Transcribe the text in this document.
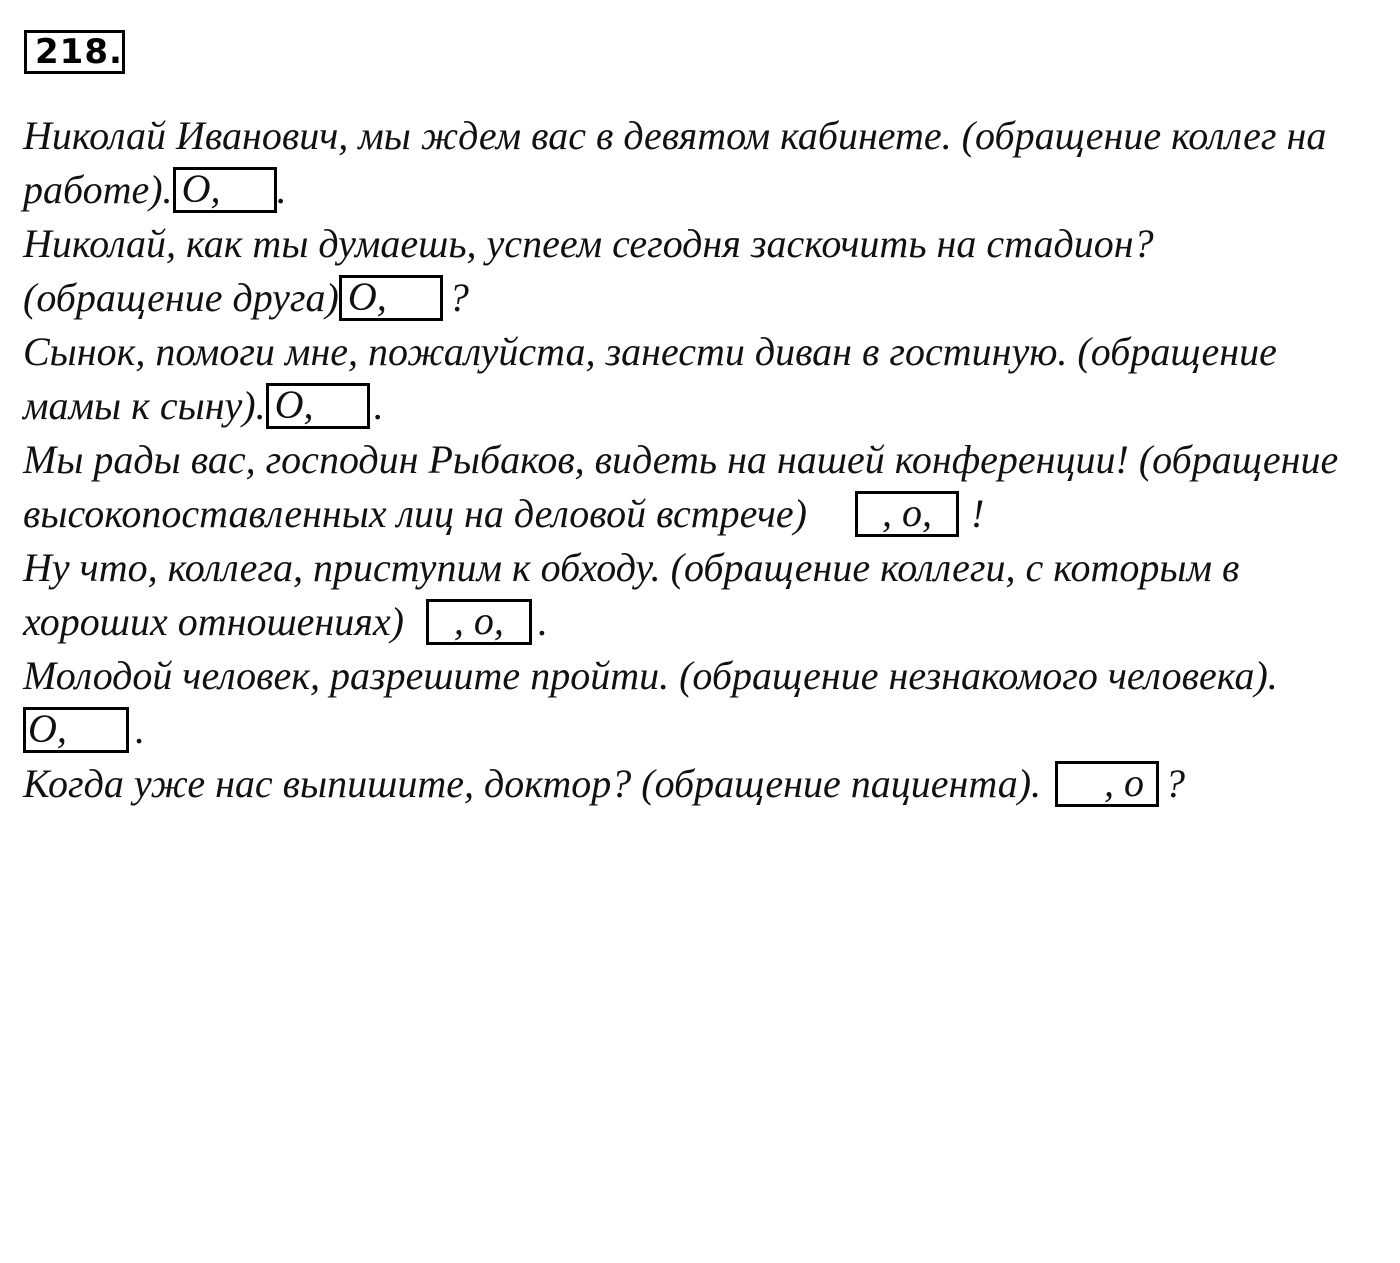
218.
Николай Иванович, мы ждем вас в девятом кабинете. (обращение коллег на
работе). О, .
Николай, как ты думаешь, успеем сегодня заскочить на стадион?
(обращение друга) О, ?
Сынок, помоги мне, пожалуйста, занести диван в гостиную. (обращение
мамы к сыну). О, .
Мы рады вас, господин Рыбаков, видеть на нашей конференции! (обращение
высокопоставленных лиц на деловой встрече) , о, !
Ну что, коллега, приступим к обходу. (обращение коллеги, с которым в
хороших отношениях) , о, .
Молодой человек, разрешите пройти. (обращение незнакомого человека).
О, .
Когда уже нас выпишите, доктор? (обращение пациента). , о ?
